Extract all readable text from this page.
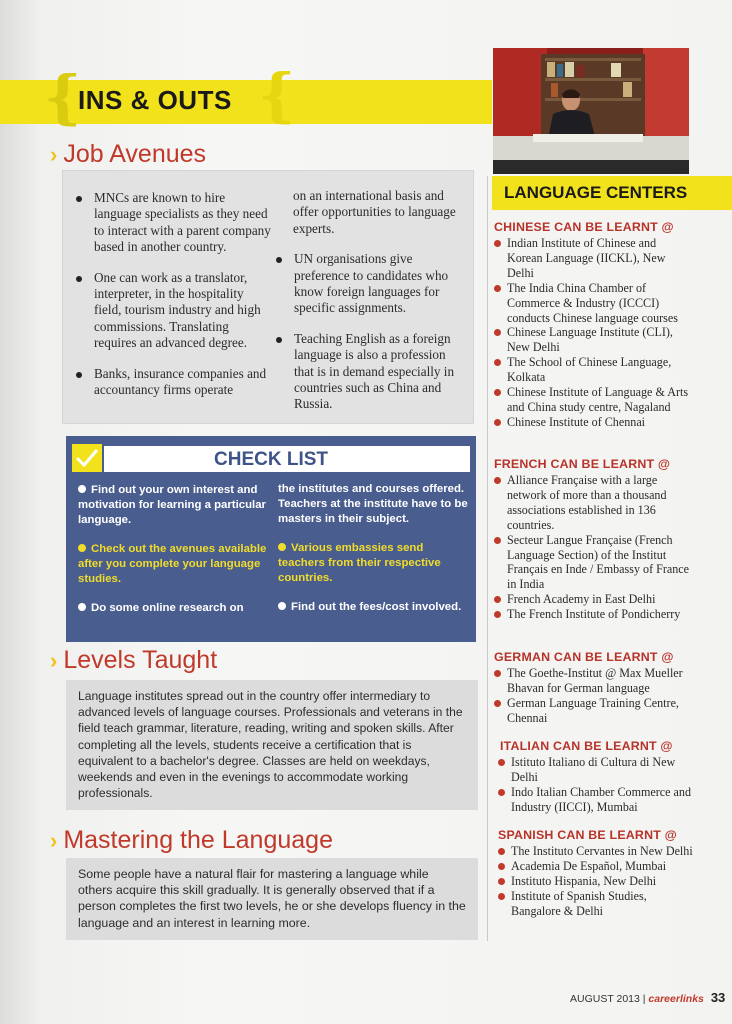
{	{
INS & OUTS
› Job Avenues
MNCs are known to hire language specialists as they need to interact with a parent company based in another country.
One can work as a translator, interpreter, in the hospitality field, tourism industry and high commissions. Translating requires an advanced degree.
Banks, insurance companies and accountancy firms operate
on an international basis and offer opportunities to language experts.
UN organisations give preference to candidates who know foreign languages for specific assignments.
Teaching English as a foreign language is also a profession that is in demand especially in countries such as China and Russia.
CHECK LIST
Find out your own interest and motivation for learning a particular language.
the institutes and courses offered. Teachers at the institute have to be masters in their subject.
Check out the avenues available after you complete your language studies.
Various embassies send teachers from their respective countries.
Do some online research on	Find out the fees/cost involved.
› Levels Taught

Language institutes spread out in the country offer intermediary to advanced levels of language courses. Professionals and veterans in the field teach grammar, literature, reading, writing and spoken skills. After completing all the levels, students receive a certification that is equivalent to a bachelor's degree. Classes are held on weekdays, weekends and even in the evenings to accommodate working professionals.

› Mastering the Language

Some people have a natural flair for mastering a language while others acquire this skill gradually. It is generally observed that if a person completes the first two levels, he or she develops fluency in the language and an interest in learning more.

LANGUAGE CENTERS
CHINESE CAN BE LEARNT @
Indian Institute of Chinese and Korean Language (IICKL), New Delhi
The India China Chamber of Commerce & Industry (ICCCI) conducts Chinese language courses
Chinese Language Institute (CLI), New Delhi
The School of Chinese Language, Kolkata
Chinese Institute of Language & Arts and China study centre, Nagaland
Chinese Institute of Chennai
FRENCH CAN BE LEARNT @
Alliance Française with a large network of more than a thousand associations established in 136 countries.
Secteur Langue Française (French Language Section) of the Institut Français en Inde / Embassy of France in India
French Academy in East Delhi
The French Institute of Pondicherry
GERMAN CAN BE LEARNT @
The Goethe-Institut @ Max Mueller Bhavan for German language
German Language Training Centre, Chennai
ITALIAN CAN BE LEARNT @
Istituto Italiano di Cultura di New Delhi
Indo Italian Chamber Commerce and Industry (IICCI), Mumbai
SPANISH CAN BE LEARNT @
The Instituto Cervantes in New Delhi
Academia De Español, Mumbai
Instituto Hispania, New Delhi
Institute of Spanish Studies, Bangalore & Delhi
AUGUST 2013 | careerlinks 33
